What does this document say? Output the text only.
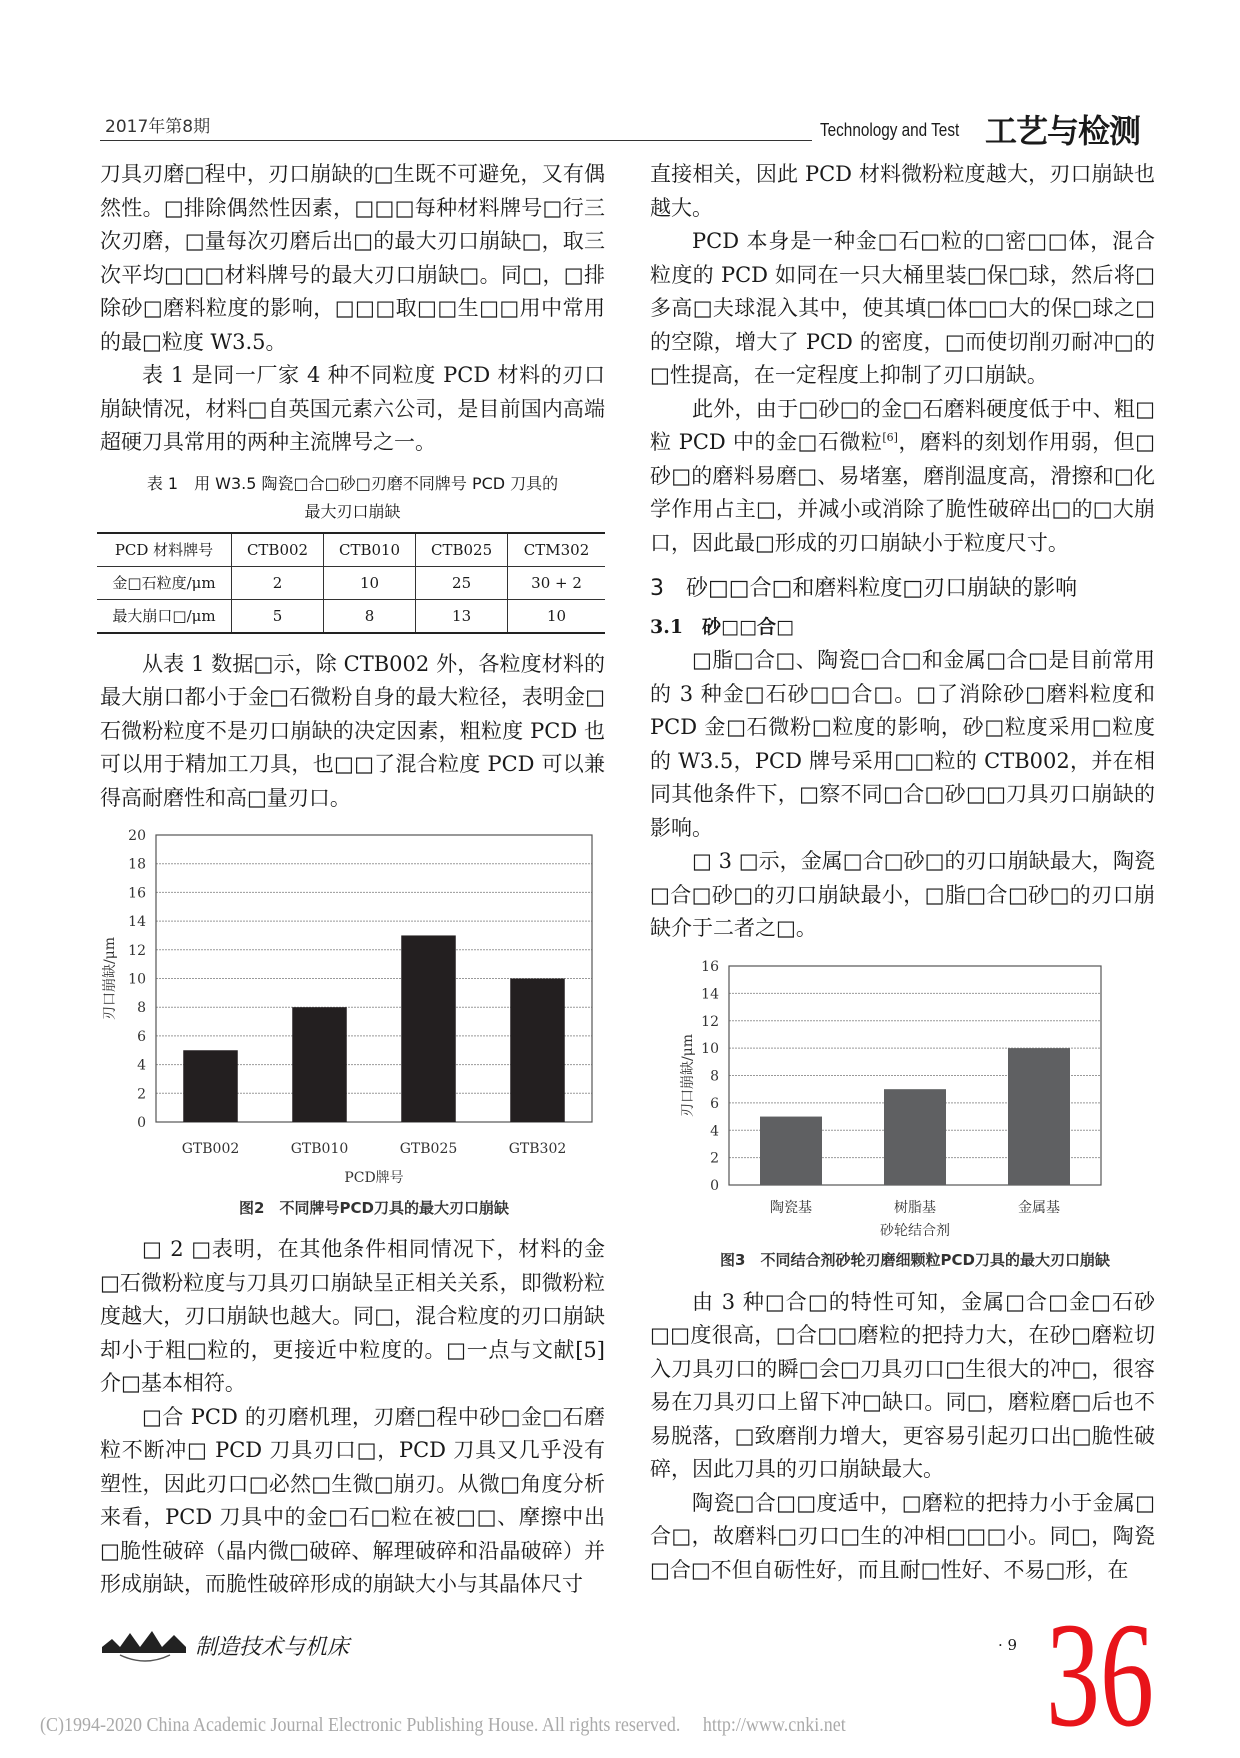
2017年第8期	Technology and Test 工艺与检测

刀具刃磨□程中，刃口崩缺的□生既不可避免，又有偶然性。□排除偶然性因素，□□□每种材料牌号□行三次刃磨，□量每次刃磨后出□的最大刃口崩缺□，取三次平均□□□材料牌号的最大刃口崩缺□。同□，□排除砂□磨料粒度的影响，□□□取□□生□□用中常用的最□粒度 W3.5。

表 1 是同一厂家 4 种不同粒度 PCD 材料的刃口崩缺情况，材料□自英国元素六公司，是目前国内高端超硬刀具常用的两种主流牌号之一。

表 1　用 W3.5 陶瓷□合□砂□刃磨不同牌号 PCD 刀具的
最大刃口崩缺
PCD 材料牌号	CTB002	CTB010	CTB025	CTM302
金□石粒度/μm	2	10	25	30 + 2
最大崩口□/μm	5	8	13	10

从表 1 数据□示，除 CTB002 外，各粒度材料的最大崩口都小于金□石微粉自身的最大粒径，表明金□石微粉粒度不是刃口崩缺的决定因素，粗粒度 PCD 也可以用于精加工刀具，也□□了混合粒度 PCD 可以兼得高耐磨性和高□量刃口。

0
2
4
6
8
10
12
14
16
18
20
GTB002	GTB010	GTB025	GTB302
PCD牌号
刃口崩缺/μm
图2　不同牌号PCD刀具的最大刃口崩缺

□ 2 □表明，在其他条件相同情况下，材料的金□石微粉粒度与刀具刃口崩缺呈正相关关系，即微粉粒度越大，刃口崩缺也越大。同□，混合粒度的刃口崩缺却小于粗□粒的，更接近中粒度的。□一点与文献[5]介□基本相符。

□合 PCD 的刃磨机理，刃磨□程中砂□金□石磨粒不断冲□ PCD 刀具刃口□，PCD 刀具又几乎没有塑性，因此刃口□必然□生微□崩刃。从微□角度分析来看，PCD 刀具中的金□石□粒在被□□、摩擦中出□脆性破碎（晶内微□破碎、解理破碎和沿晶破碎）并形成崩缺，而脆性破碎形成的崩缺大小与其晶体尺寸

直接相关，因此 PCD 材料微粉粒度越大，刃口崩缺也越大。

PCD 本身是一种金□石□粒的□密□□体，混合粒度的 PCD 如同在一只大桶里装□保□球，然后将□多高□夫球混入其中，使其填□体□□大的保□球之□的空隙，增大了 PCD 的密度，□而使切削刃耐冲□的□性提高，在一定程度上抑制了刃口崩缺。

此外，由于□砂□的金□石磨料硬度低于中、粗□粒 PCD 中的金□石微粒[6]，磨料的刻划作用弱，但□砂□的磨料易磨□、易堵塞，磨削温度高，滑擦和□化学作用占主□，并减小或消除了脆性破碎出□的□大崩口，因此最□形成的刃口崩缺小于粒度尺寸。

3　砂□□合□和磨料粒度□刃口崩缺的影响
3.1　砂□□合□

□脂□合□、陶瓷□合□和金属□合□是目前常用的 3 种金□石砂□□合□。□了消除砂□磨料粒度和 PCD 金□石微粉□粒度的影响，砂□粒度采用□粒度的 W3.5，PCD 牌号采用□□粒的 CTB002，并在相同其他条件下，□察不同□合□砂□□刀具刃口崩缺的影响。

□ 3 □示，金属□合□砂□的刃口崩缺最大，陶瓷□合□砂□的刃口崩缺最小，□脂□合□砂□的刃口崩缺介于二者之□。

0
2
4
6
8
10
12
14
16
陶瓷基	树脂基	金属基
砂轮结合剂
刃口崩缺/μm
图3　不同结合剂砂轮刃磨细颗粒PCD刀具的最大刃口崩缺

由 3 种□合□的特性可知，金属□合□金□石砂□□度很高，□合□□磨粒的把持力大，在砂□磨粒切入刀具刃口的瞬□会□刀具刃口□生很大的冲□，很容易在刀具刃口上留下冲□缺口。同□，磨粒磨□后也不易脱落，□致磨削力增大，更容易引起刃口出□脆性破碎，因此刀具的刃口崩缺最大。

陶瓷□合□□度适中，□磨粒的把持力小于金属□合□，故磨料□刃口□生的冲相□□□小。同□，陶瓷□合□不但自砺性好，而且耐□性好、不易□形，在

制造技术与机床	· 9 36
(C)1994-2020 China Academic Journal Electronic Publishing House. All rights reserved.　 http://www.cnki.net
